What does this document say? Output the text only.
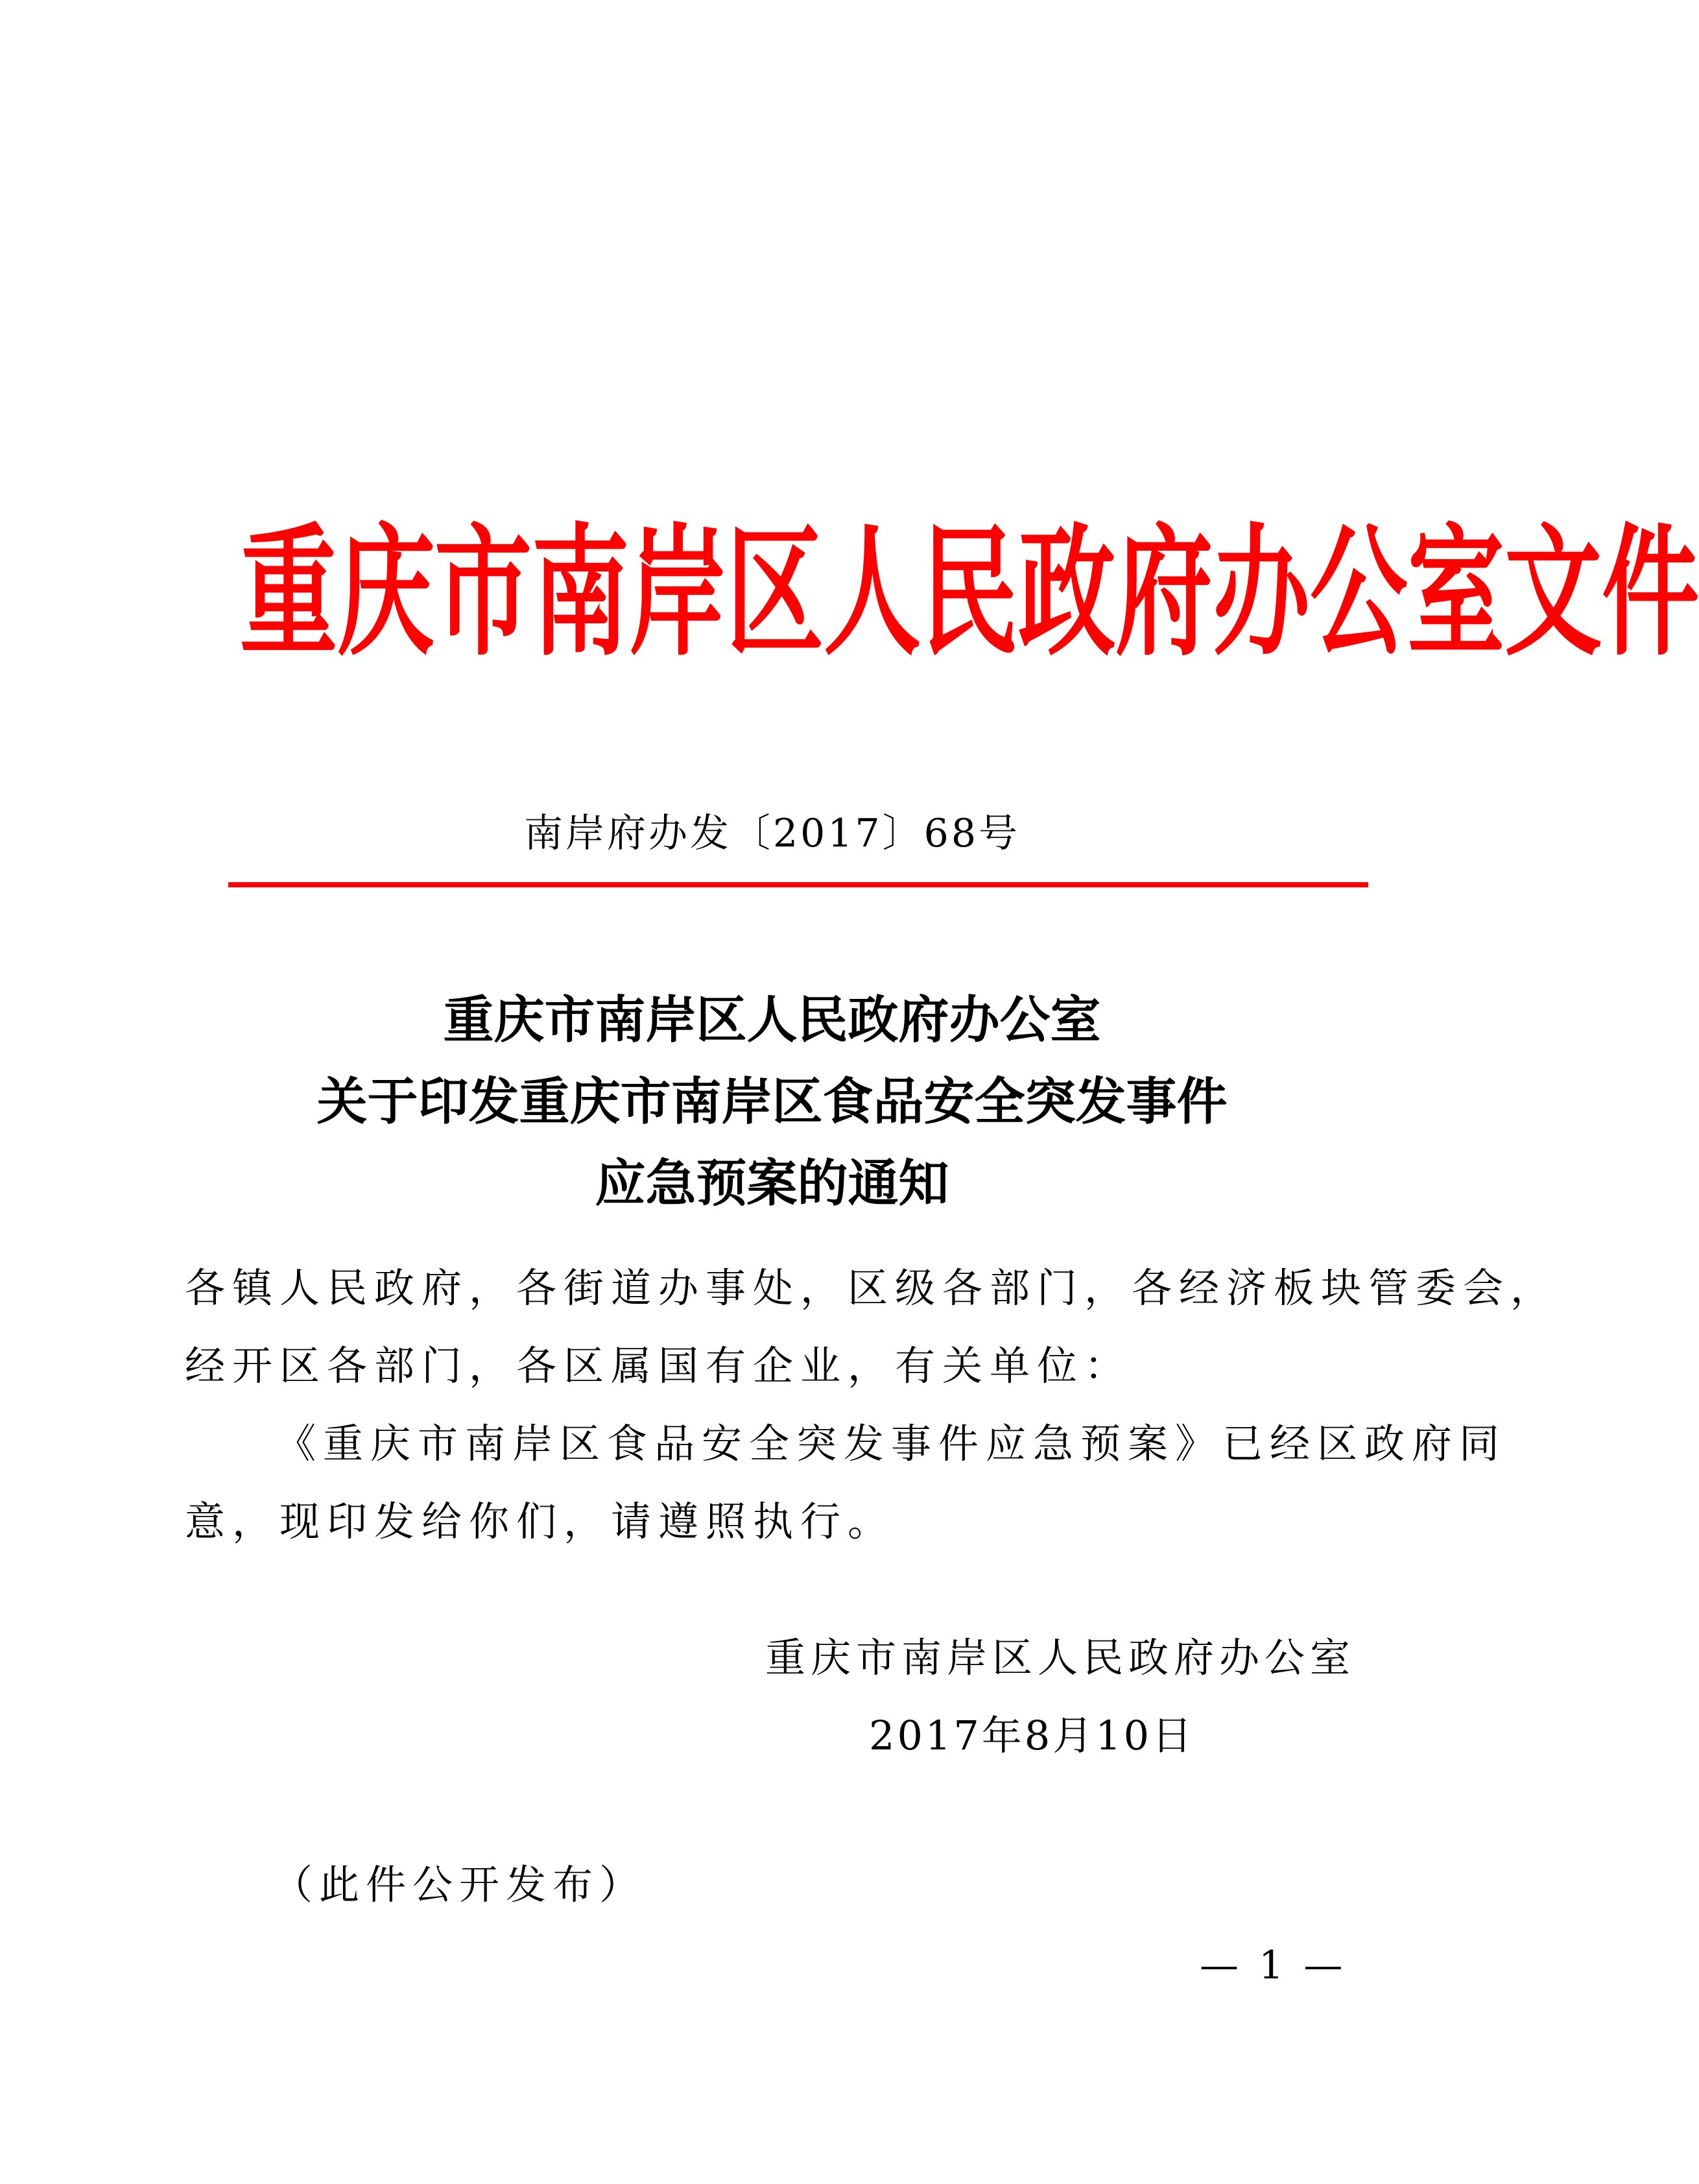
重 庆 市 南 岸 区 人 民 政 府 办 公 室 文 件
南岸府办发〔2017〕68号
重庆市南岸区人民政府办公室
关于印发重庆市南岸区食品安全突发事件
应急预案的通知
各镇人民政府，各街道办事处，区级各部门，各经济板块管委会，
经开区各部门，各区属国有企业，有关单位：
《重庆市南岸区食品安全突发事件应急预案》已经区政府同
意，现印发给你们，请遵照执行。
重庆市南岸区人民政府办公室
2017年8月10日
（此件公开发布）
— 1 —
